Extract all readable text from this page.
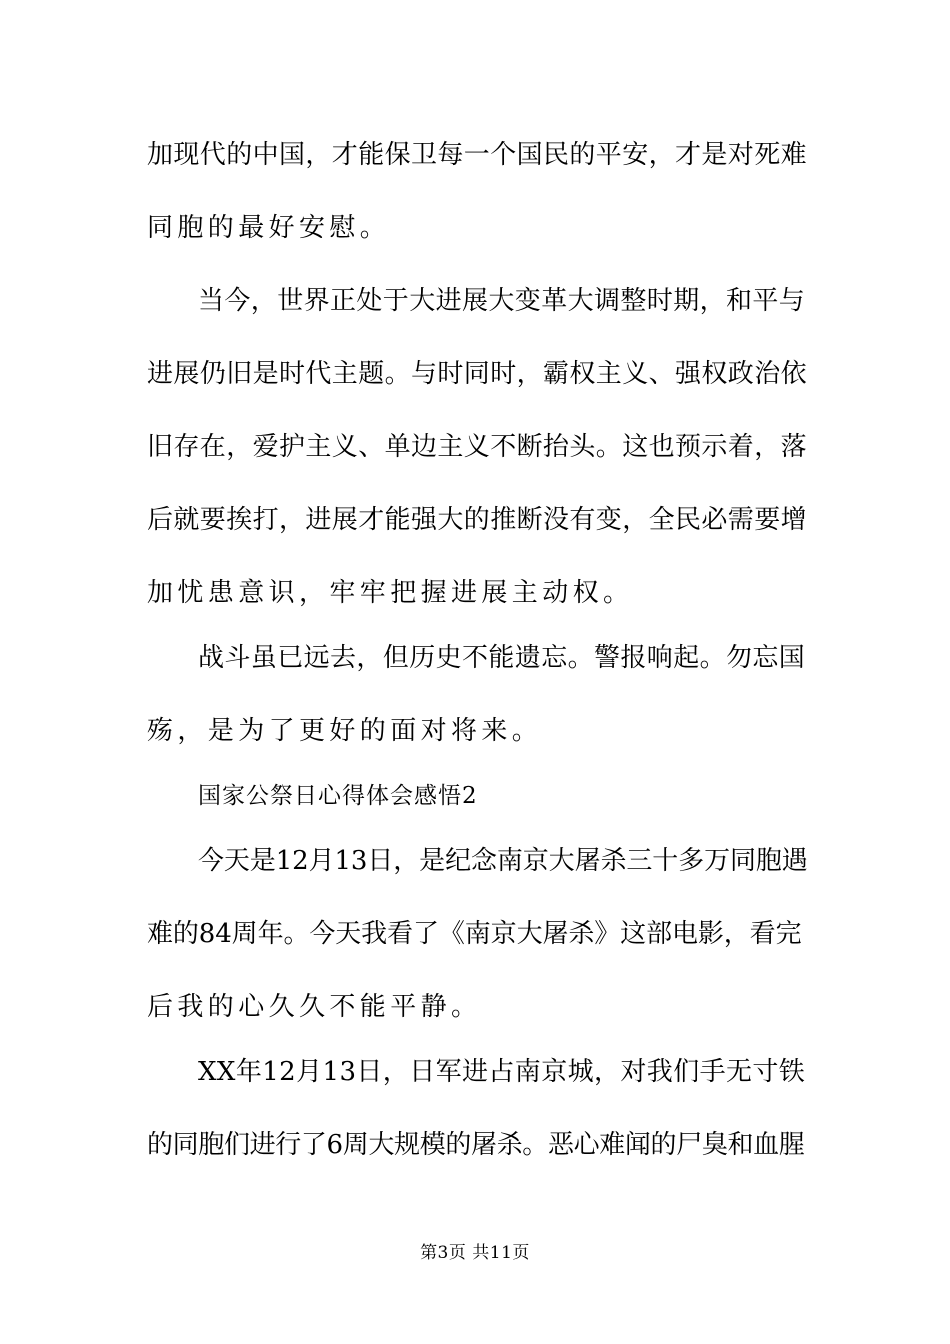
加现代的中国，才能保卫每一个国民的平安，才是对死难
同胞的最好安慰。
当今，世界正处于大进展大变革大调整时期，和平与
进展仍旧是时代主题。与时同时，霸权主义、强权政治依
旧存在，爱护主义、单边主义不断抬头。这也预示着，落
后就要挨打，进展才能强大的推断没有变，全民必需要增
加忧患意识，牢牢把握进展主动权。
战斗虽已远去，但历史不能遗忘。警报响起。勿忘国
殇，是为了更好的面对将来。
国家公祭日心得体会感悟2
今天是12月13日，是纪念南京大屠杀三十多万同胞遇
难的84周年。今天我看了《南京大屠杀》这部电影，看完
后我的心久久不能平静。
XX年12月13日，日军进占南京城，对我们手无寸铁
的同胞们进行了6周大规模的屠杀。恶心难闻的尸臭和血腥
第3页 共11页
